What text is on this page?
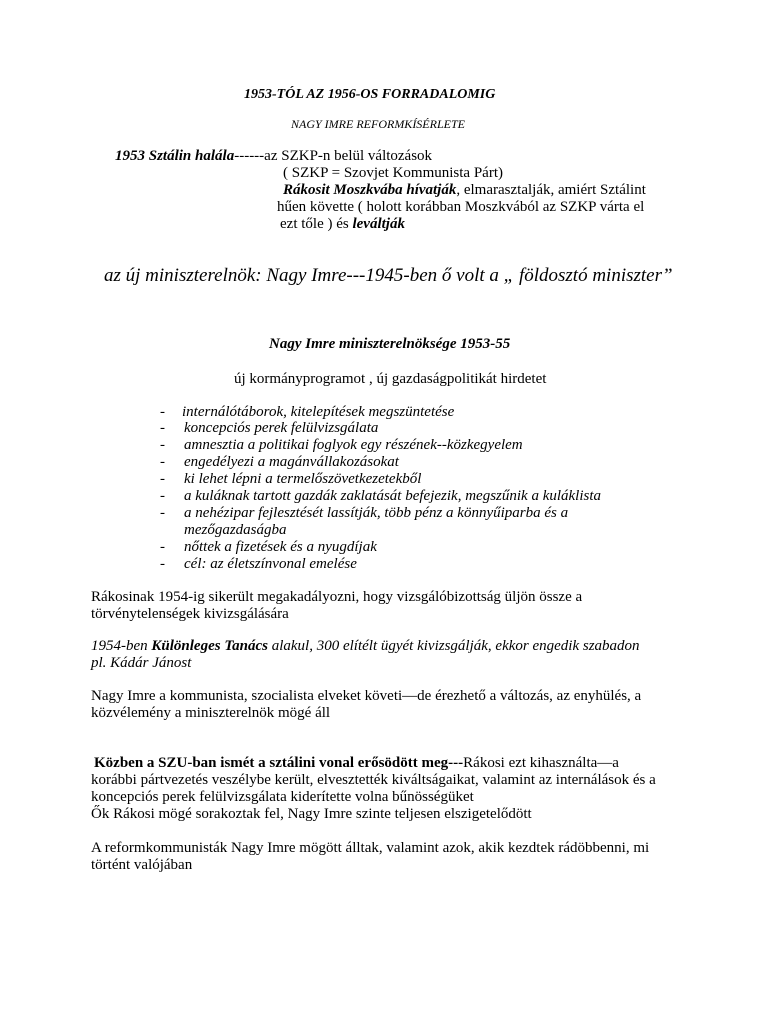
1953-TÓL AZ 1956-OS FORRADALOMIG
NAGY IMRE REFORMKÍSÉRLETE
1953 Sztálin halála------az SZKP-n belül változások
( SZKP = Szovjet Kommunista Párt)
Rákosit Moszkvába hívatják, elmarasztalják, amiért Sztálint
hűen követte ( holott korábban Moszkvából az SZKP várta el
ezt tőle ) és leváltják
az új miniszterelnök: Nagy Imre---1945-ben ő volt a „ földosztó miniszter”
Nagy Imre miniszterelnöksége 1953-55
új kormányprogramot , új gazdaságpolitikát hirdetet
- internálótáborok, kitelepítések megszüntetése
- koncepciós perek felülvizsgálata
- amnesztia a politikai foglyok egy részének--közkegyelem
- engedélyezi a magánvállakozásokat
- ki lehet lépni a termelőszövetkezetekből
- a kuláknak tartott gazdák zaklatását befejezik, megszűnik a kuláklista
- a nehézipar fejlesztését lassítják, több pénz a könnyűiparba és a
mezőgazdaságba
- nőttek a fizetések és a nyugdíjak
- cél: az életszínvonal emelése
Rákosinak 1954-ig sikerült megakadályozni, hogy vizsgálóbizottság üljön össze a
törvénytelenségek kivizsgálására
1954-ben Különleges Tanács alakul, 300 elítélt ügyét kivizsgálják, ekkor engedik szabadon
pl. Kádár Jánost
Nagy Imre a kommunista, szocialista elveket követi—de érezhető a változás, az enyhülés, a
közvélemény a miniszterelnök mögé áll
Közben a SZU-ban ismét a sztálini vonal erősödött meg---Rákosi ezt kihasználta—a
korábbi pártvezetés veszélybe került, elvesztették kiváltságaikat, valamint az internálások és a
koncepciós perek felülvizsgálata kiderítette volna bűnösségüket
Ők Rákosi mögé sorakoztak fel, Nagy Imre szinte teljesen elszigetelődött
A reformkommunisták Nagy Imre mögött álltak, valamint azok, akik kezdtek rádöbbenni, mi
történt valójában
